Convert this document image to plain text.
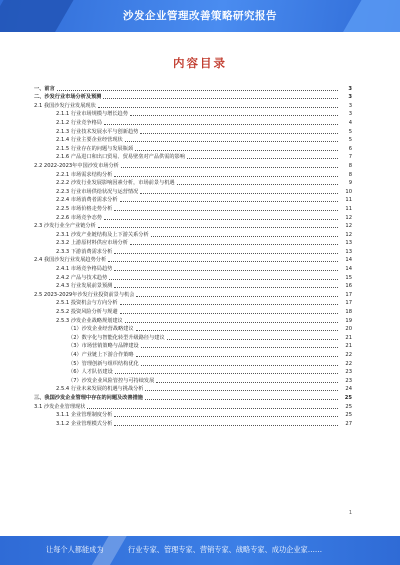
沙发企业管理改善策略研究报告
内容目录
一、前言	3
二、沙发行业市场分析及预测	3
2.1 我国沙发行业发展现状	3
2.1.1 行业市场规模与增长趋势	3
2.1.2 行业竞争格局	4
2.1.3 行业技术发展水平与创新趋势	5
2.1.4 行业主要企业经营现状	5
2.1.5 行业存在的问题与发展瓶颈	6
2.1.6 产品进口和出口贸易、贸易壁垒对产品供需的影响	7
2.2 2022-2023年中国沙发市场分析	8
2.2.1 市场需求结构分析	8
2.2.2 沙发行业发展影响因素分析，市场前景与机遇	9
2.2.3 行业市场供给状况与运营情况	10
2.2.4 市场消费者需求分析	11
2.2.5 市场价格走势分析	11
2.2.6 市场竞争态势	12
2.3 沙发行业全产业链分析	12
2.3.1 沙发产业链结构及上下游关系分析	12
2.3.2 上游原材料供应市场分析	13
2.3.3 下游消费需求分析	13
2.4 我国沙发行业发展趋势分析	14
2.4.1 市场竞争格局趋势	14
2.4.2 产品与技术趋势	15
2.4.3 行业发展前景预测	16
2.5 2023-2029年沙发行业投资前景与机会	17
2.5.1 投资机会与方向分析	17
2.5.2 投资风险分析与规避	18
2.5.3 沙发企业战略规划建议	19
（1）沙发企业经营战略建议	20
（2）数字化与智能化转型升级路径与建议	21
（3）市场营销策略与品牌建设	21
（4）产业链上下游合作策略	22
（5）管理创新与组织结构优化	22
（6）人才队伍建设	23
（7）沙发企业风险管控与可持续发展	23
2.5.4 行业未来发展的机遇与挑战分析	24
三、我国沙发企业管理中存在的问题及改善措施	25
3.1 沙发企业管理现状	25
3.1.1 企业管理制度分析	25
3.1.2 企业管理模式分析	27
1
让每个人都能成为	行业专家、管理专家、营销专家、战略专家、成功企业家……
